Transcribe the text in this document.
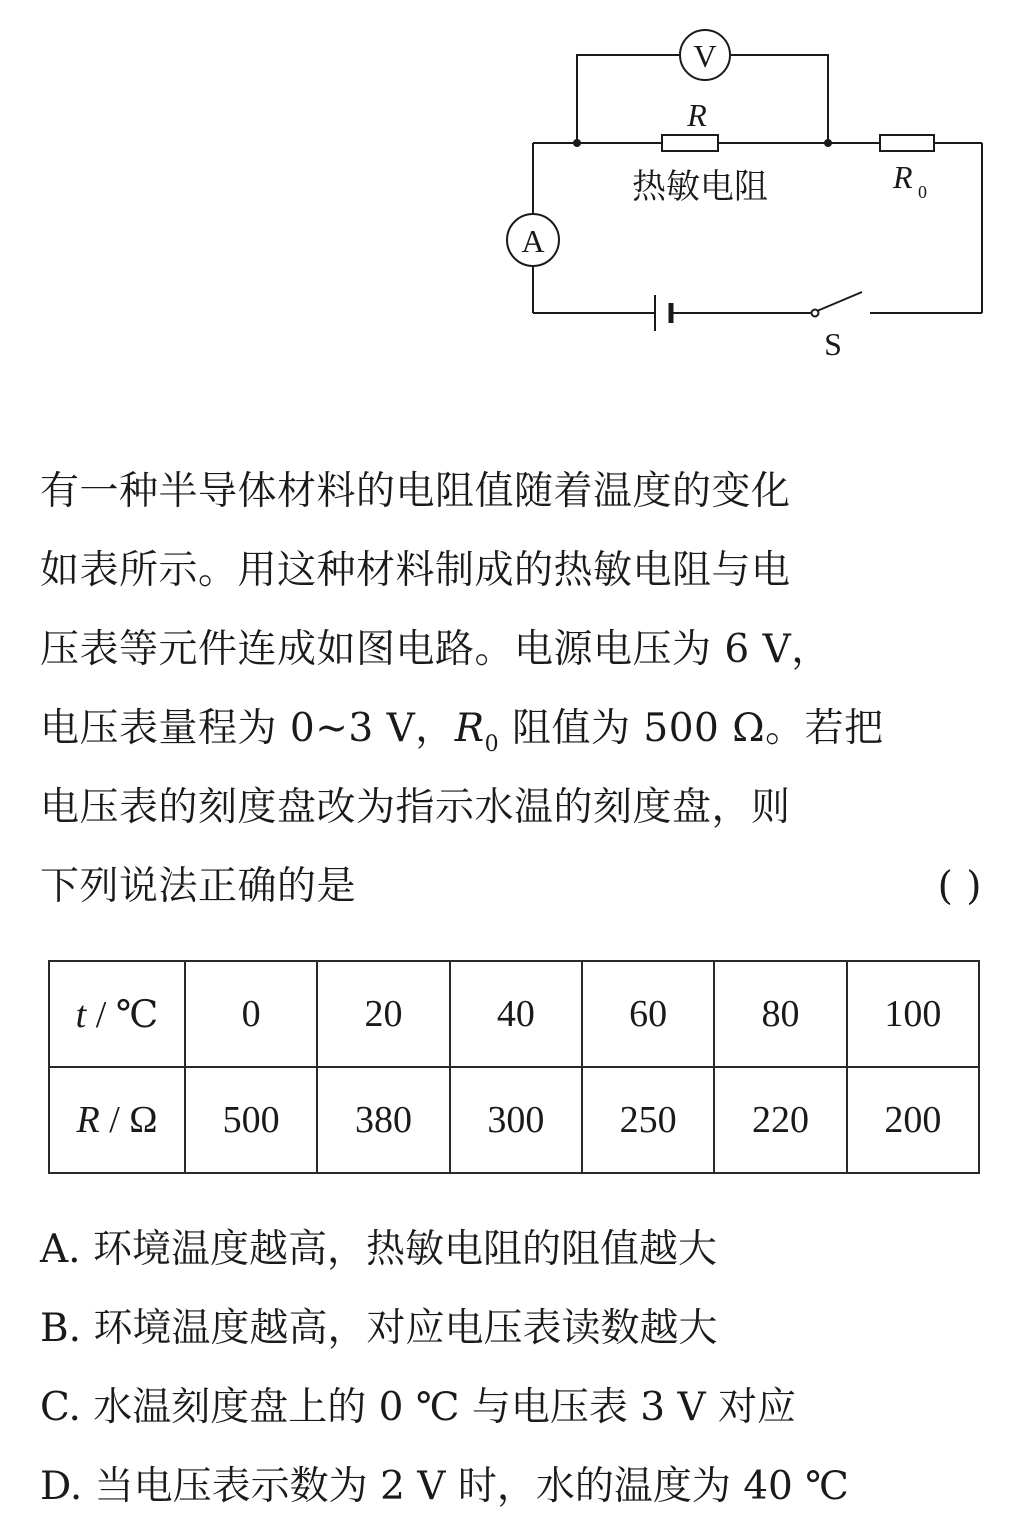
V
R
热敏电阻	R 0
A
S
有一种半导体材料的电阻值随着温度的变化
如表所示。用这种材料制成的热敏电阻与电
压表等元件连成如图电路。电源电压为 6 V，
电压表量程为 0~3 V，$R_0$ 阻值为 500 Ω。若把
电压表的刻度盘改为指示水温的刻度盘，则
下列说法正确的是	( )
t / ℃	0	20	40	60	80	100
R / Ω	500	380	300	250	220	200
A. 环境温度越高，热敏电阻的阻值越大
B. 环境温度越高，对应电压表读数越大
C. 水温刻度盘上的 0 ℃ 与电压表 3 V 对应
D. 当电压表示数为 2 V 时，水的温度为 40 ℃
